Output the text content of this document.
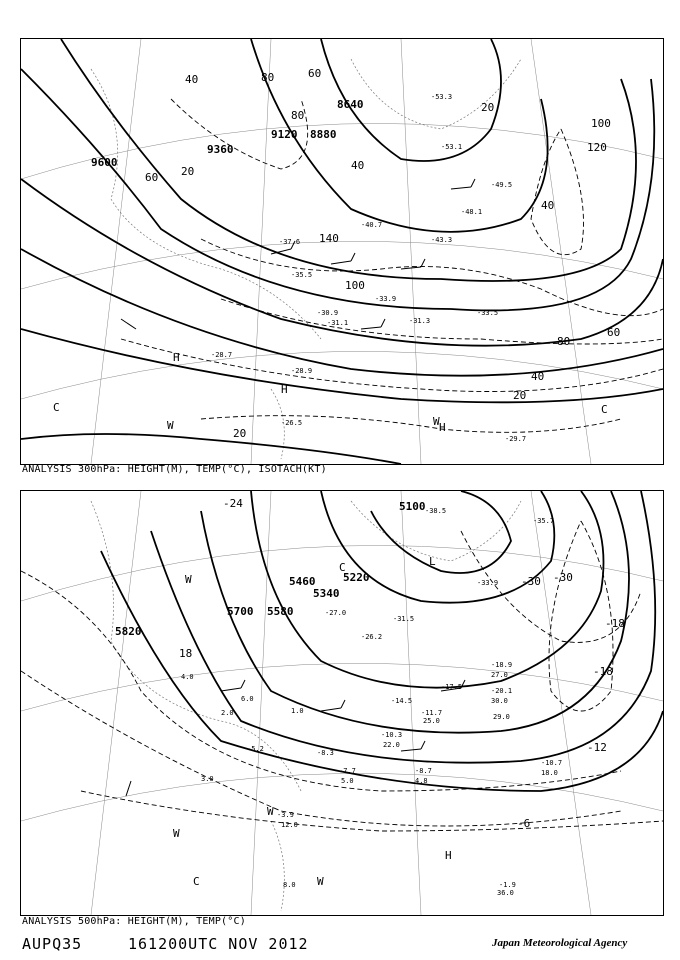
9600
9360
9120 8880
8640
40	80	60
80
40
20
100
120
40
100
140
80
60
40
20
20
60 20
-53.3
-53.1
-49.5
-48.1
-43.3
-40.7
-37.6
-35.5
-33.9
-31.1	-31.3
-30.9
-29.7
-28.7
-28.9
-26.5
-33.5
H
H
H
C	C
W	W
ANALYSIS 300hPa: HEIGHT(M), TEMP(°C), ISOTACH(KT)
5100
5820
5700 5580
5460
5340
5220
-24
-30 -30
-18
-18
-12
-6
18
-38.5
-35.7
-33.9
-31.5
-27.0
-26.2
-20.1
-18.9
-17.5
-14.5
-11.7
-10.7
-10.3
-8.7
-8.3
-7.7
-5.2
-3.9
-1.9
36.0
30.0
29.0
27.0
25.0
22.0
18.0
12.0
8.0
6.0
5.0	4.8
4.0
3.0
2.0	1.0
L
C
H
W
W
W
W
C
ANALYSIS 500hPa: HEIGHT(M), TEMP(°C)
AUPQ35	161200UTC NOV 2012	Japan Meteorological Agency
